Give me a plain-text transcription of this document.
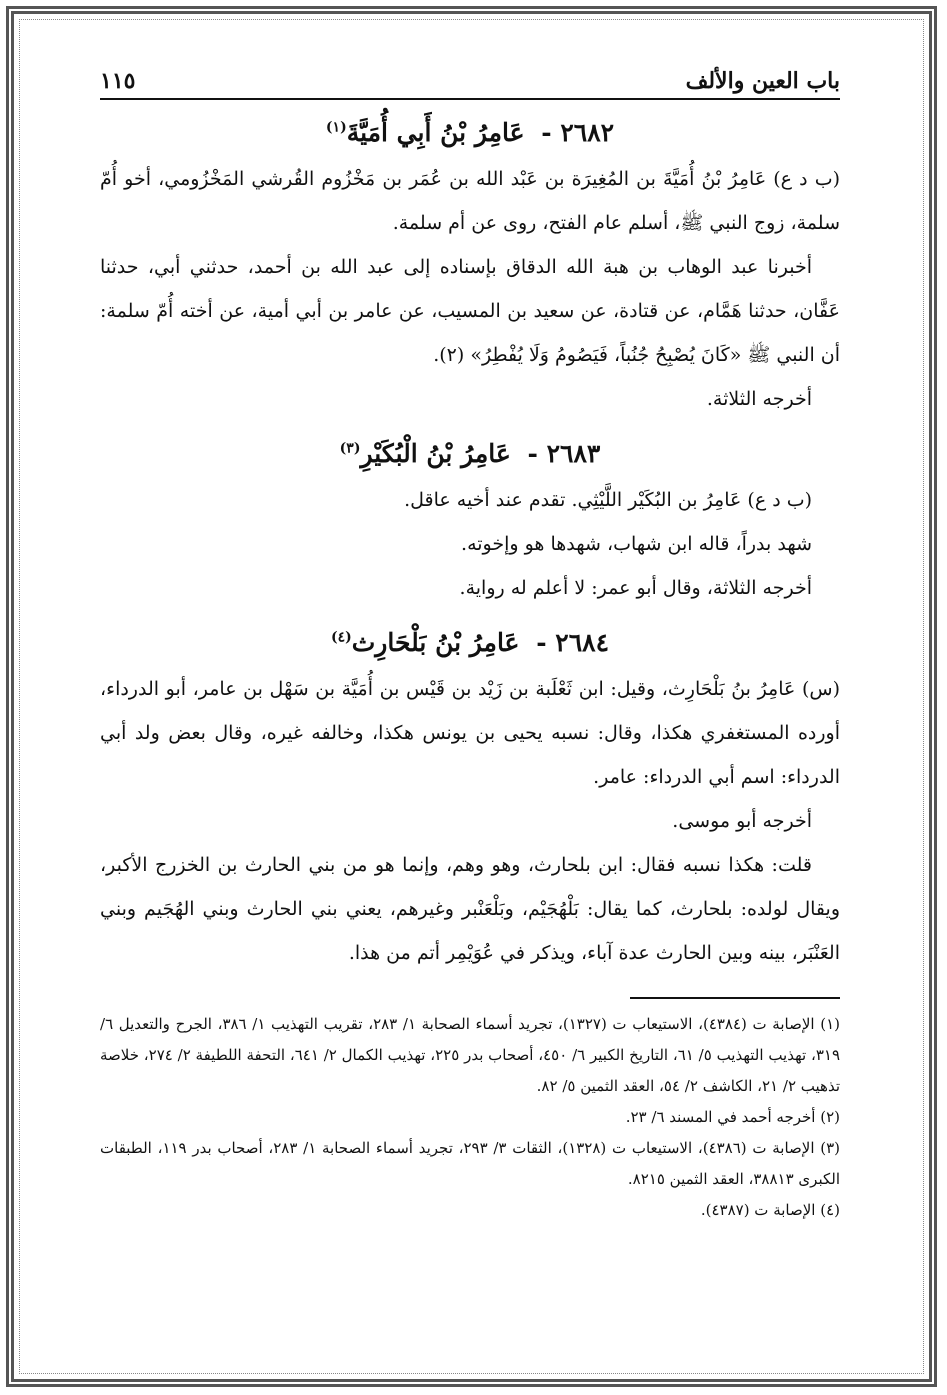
باب العين والألف
١١٥
٢٦٨٢ - عَامِرُ بْنُ أَبِي أُمَيَّةَ$^{(١)}$

(ب د ع) عَامِرُ بْنُ أُمَيَّةَ بن المُغِيرَة بن عَبْد الله بن عُمَر بن مَخْزُوم القُرشي المَخْزُومي، أخو أُمّ سلمة، زوج النبي ﷺ، أسلم عام الفتح، روى عن أم سلمة.

أخبرنا عبد الوهاب بن هبة الله الدقاق بإسناده إلى عبد الله بن أحمد، حدثني أبي، حدثنا عَفَّان، حدثنا هَمَّام، عن قتادة، عن سعيد بن المسيب، عن عامر بن أبي أمية، عن أخته أُمّ سلمة: أن النبي ﷺ «كَانَ يُصْبِحُ جُنُباً، فَيَصُومُ وَلَا يُفْطِرُ» (٢).

أخرجه الثلاثة.

٢٦٨٣ - عَامِرُ بْنُ الْبُكَيْرِ$^{(٣)}$

(ب د ع) عَامِرُ بن البُكَيْر اللَّيْثِي. تقدم عند أخيه عاقل.

شهد بدراً، قاله ابن شهاب، شهدها هو وإخوته.

أخرجه الثلاثة، وقال أبو عمر: لا أعلم له رواية.

٢٦٨٤ - عَامِرُ بْنُ بَلْحَارِث$^{(٤)}$

(س) عَامِرُ بنُ بَلْحَارِث، وقيل: ابن ثَعْلَبة بن زَيْد بن قَيْس بن أُمَيَّة بن سَهْل بن عامر، أبو الدرداء، أورده المستغفري هكذا، وقال: نسبه يحيى بن يونس هكذا، وخالفه غيره، وقال بعض ولد أبي الدرداء: اسم أبي الدرداء: عامر.

أخرجه أبو موسى.

قلت: هكذا نسبه فقال: ابن بلحارث، وهو وهم، وإنما هو من بني الحارث بن الخزرج الأكبر، ويقال لولده: بلحارث، كما يقال: بَلْهُجَيْم، وبَلْعَنْبر وغيرهم، يعني بني الحارث وبني الهُجَيم وبني العَنْبَر، بينه وبين الحارث عدة آباء، ويذكر في عُوَيْمِر أتم من هذا.

(١) الإصابة ت (٤٣٨٤)، الاستيعاب ت (١٣٢٧)، تجريد أسماء الصحابة ١/ ٢٨٣، تقريب التهذيب ١/ ٣٨٦، الجرح والتعديل ٦/ ٣١٩، تهذيب التهذيب ٥/ ٦١، التاريخ الكبير ٦/ ٤٥٠، أصحاب بدر ٢٢٥، تهذيب الكمال ٢/ ٦٤١، التحفة اللطيفة ٢/ ٢٧٤، خلاصة تذهيب ٢/ ٢١، الكاشف ٢/ ٥٤، العقد الثمين ٥/ ٨٢.

(٢) أخرجه أحمد في المسند ٦/ ٢٣.

(٣) الإصابة ت (٤٣٨٦)، الاستيعاب ت (١٣٢٨)، الثقات ٣/ ٢٩٣، تجريد أسماء الصحابة ١/ ٢٨٣، أصحاب بدر ١١٩، الطبقات الكبرى ٣٨٨١٣، العقد الثمين ٨٢١٥.

(٤) الإصابة ت (٤٣٨٧).
